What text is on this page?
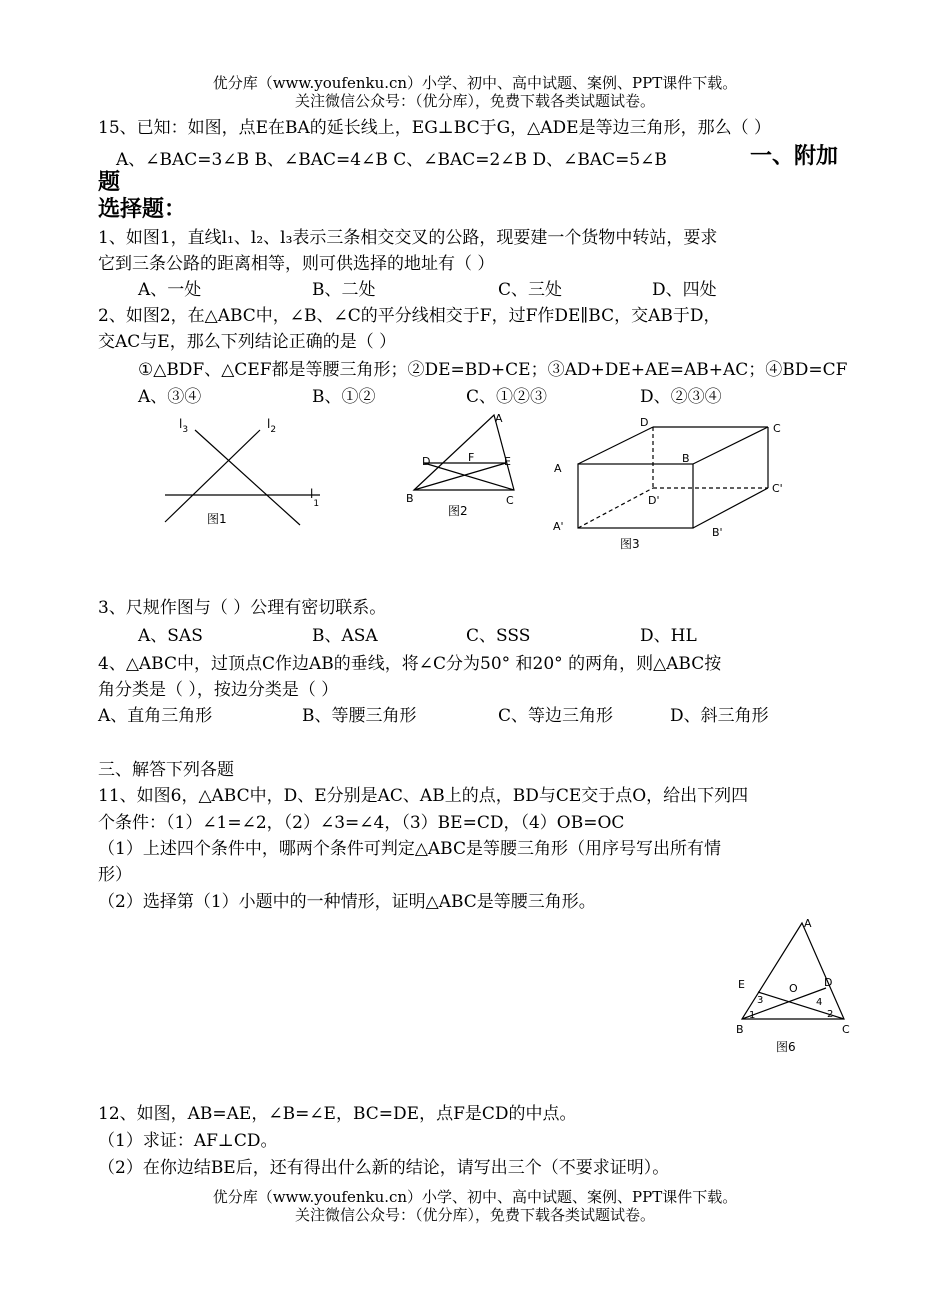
优分库（www.youfenku.cn）小学、初中、高中试题、案例、PPT课件下载。
关注微信公众号：（优分库），免费下载各类试题试卷。
15、已知：如图，点E在BA的延长线上，EG⊥BC于G，△ADE是等边三角形，那么（ ）
A、∠BAC=3∠B B、∠BAC=4∠B C、∠BAC=2∠B D、∠BAC=5∠B	一、附加
题
选择题：
1、如图1，直线l₁、l₂、l₃表示三条相交交叉的公路，现要建一个货物中转站，要求
它到三条公路的距离相等，则可供选择的地址有（ ）
A、一处	B、二处	C、三处	D、四处
2、如图2，在△ABC中，∠B、∠C的平分线相交于F，过F作DE∥BC，交AB于D，
交AC与E，那么下列结论正确的是（ ）
①△BDF、△CEF都是等腰三角形；②DE=BD+CE；③AD+DE+AE=AB+AC；④BD=CF
A、③④	B、①②	C、①②③	D、②③④
$l_3$	$l_2$
$l_1$
图1
A
B	C
D	E
F
图2
A
B
C
D
A'	B'
C'
D'
图3
3、尺规作图与（ ）公理有密切联系。
A、SAS	B、ASA	C、SSS	D、HL
4、△ABC中，过顶点C作边AB的垂线，将∠C分为50° 和20° 的两角，则△ABC按
角分类是（ ），按边分类是（ ）
A、直角三角形	B、等腰三角形	C、等边三角形	D、斜三角形
三、解答下列各题
11、如图6，△ABC中，D、E分别是AC、AB上的点，BD与CE交于点O，给出下列四
个条件：（1）∠1=∠2，（2）∠3=∠4，（3）BE=CD，（4）OB=OC
（1）上述四个条件中，哪两个条件可判定△ABC是等腰三角形（用序号写出所有情
形）
（2）选择第（1）小题中的一种情形，证明△ABC是等腰三角形。
A
B	C
D
E	O
1	2
3	4
图6
12、如图，AB=AE，∠B=∠E，BC=DE，点F是CD的中点。
（1）求证：AF⊥CD。
（2）在你边结BE后，还有得出什么新的结论，请写出三个（不要求证明）。
优分库（www.youfenku.cn）小学、初中、高中试题、案例、PPT课件下载。
关注微信公众号：（优分库），免费下载各类试题试卷。
